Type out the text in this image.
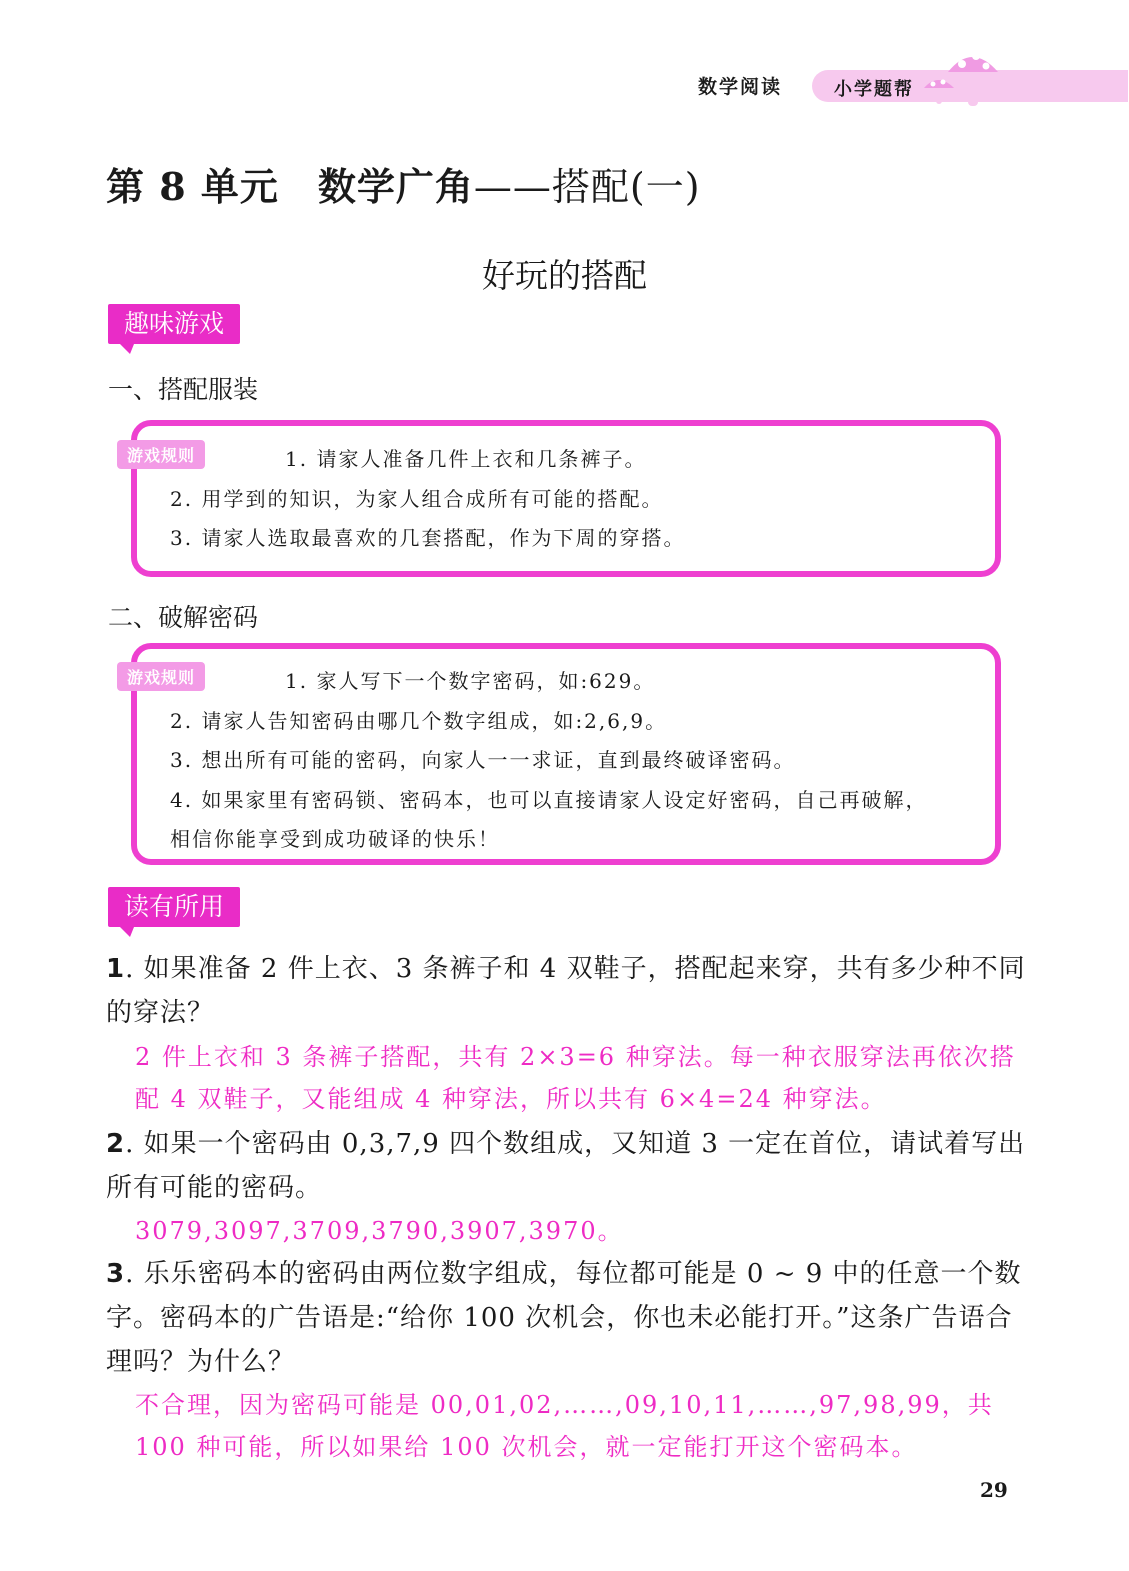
数学阅读	小学题帮
第 8 单元　数学广角——搭配(一)
好玩的搭配
趣味游戏
一、搭配服装
游戏规则	1. 请家人准备几件上衣和几条裤子。
2. 用学到的知识，为家人组合成所有可能的搭配。
3. 请家人选取最喜欢的几套搭配，作为下周的穿搭。
二、破解密码
游戏规则	1. 家人写下一个数字密码，如:629。
2. 请家人告知密码由哪几个数字组成，如:2,6,9。
3. 想出所有可能的密码，向家人一一求证，直到最终破译密码。
4. 如果家里有密码锁、密码本，也可以直接请家人设定好密码，自己再破解，
相信你能享受到成功破译的快乐！
读有所用
1. 如果准备 2 件上衣、3 条裤子和 4 双鞋子，搭配起来穿，共有多少种不同的穿法？
2 件上衣和 3 条裤子搭配，共有 2×3=6 种穿法。每一种衣服穿法再依次搭配 4 双鞋子，又能组成 4 种穿法，所以共有 6×4=24 种穿法。
2. 如果一个密码由 0,3,7,9 四个数组成，又知道 3 一定在首位，请试着写出所有可能的密码。
3079,3097,3709,3790,3907,3970。
3. 乐乐密码本的密码由两位数字组成，每位都可能是 0 ~ 9 中的任意一个数字。密码本的广告语是:“给你 100 次机会，你也未必能打开。”这条广告语合理吗？为什么？
不合理，因为密码可能是 00,01,02,……,09,10,11,……,97,98,99，共 100 种可能，所以如果给 100 次机会，就一定能打开这个密码本。
29
